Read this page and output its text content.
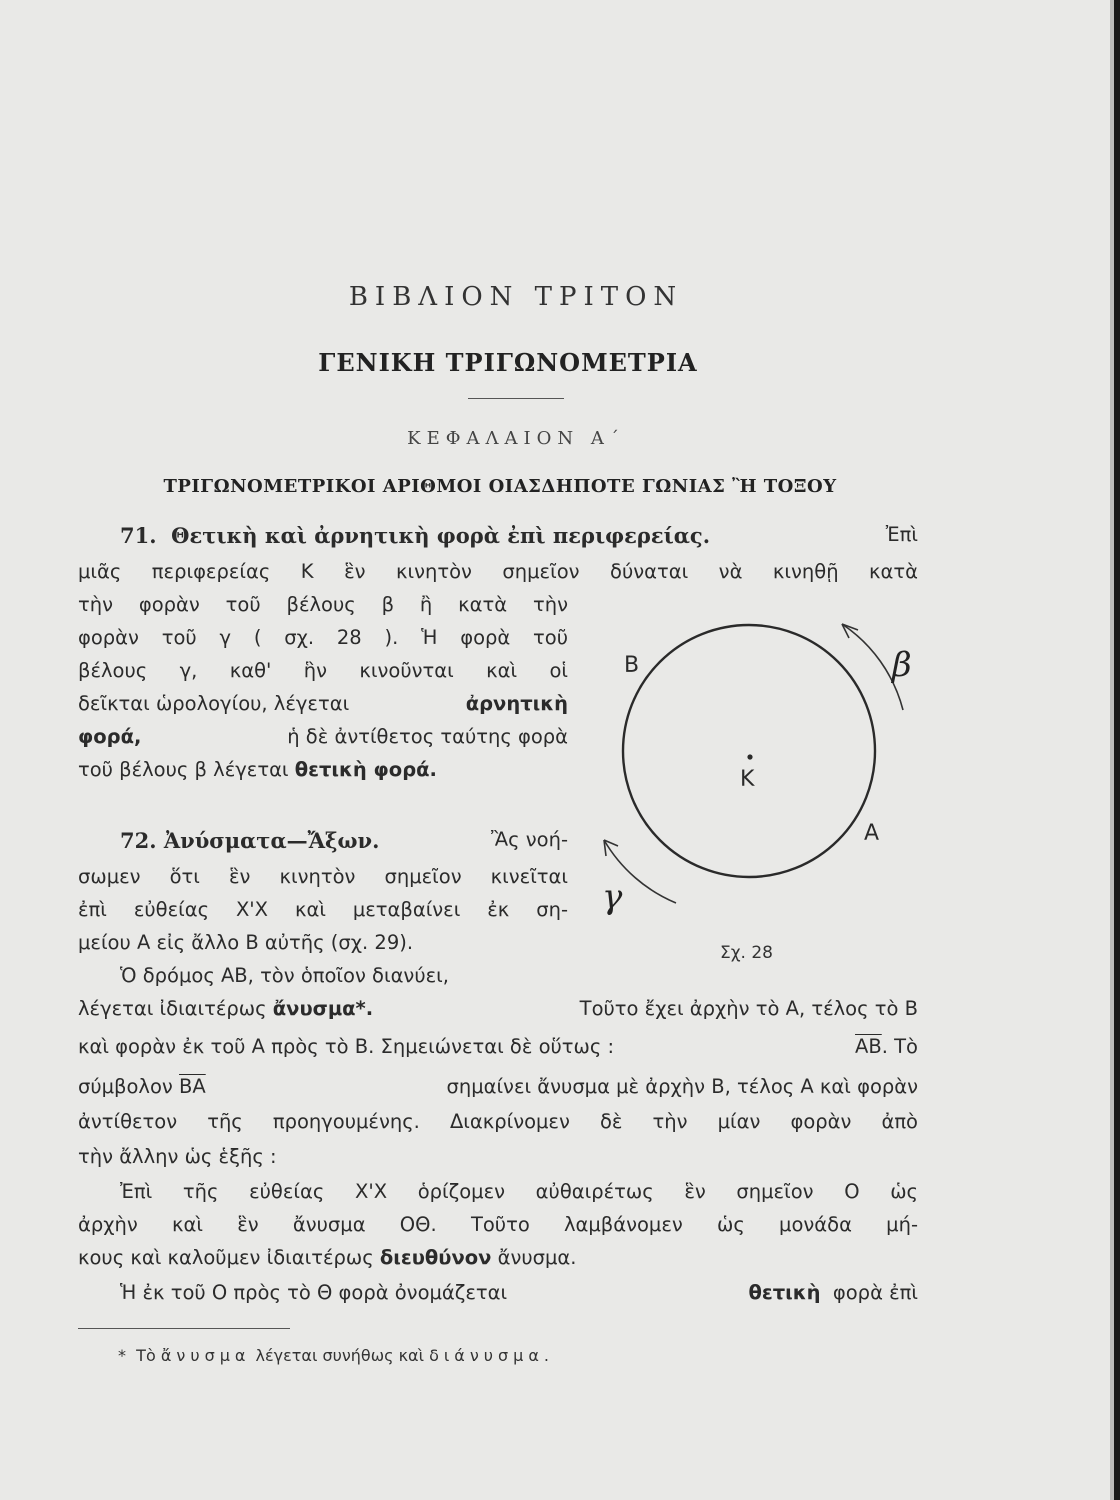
ΒΙΒΛΙΟΝ ΤΡΙΤΟΝ
ΓΕΝΙΚΗ ΤΡΙΓΩΝΟΜΕΤΡΙΑ
ΚΕΦΑΛΑΙΟΝ Α΄
ΤΡΙΓΩΝΟΜΕΤΡΙΚΟΙ ΑΡΙΘΜΟΙ ΟΙΑΣΔΗΠΟΤΕ ΓΩΝΙΑΣ Ἢ ΤΟΞΟΥ
71. Θετικὴ καὶ ἀρνητικὴ φορὰ ἐπὶ περιφερείας.	Ἐπὶ
μιᾶς περιφερείας Κ ἓν κινητὸν σημεῖον δύναται νὰ κινηθῇ κατὰ
τὴν φορὰν τοῦ βέλους β ἢ κατὰ τὴν
φορὰν τοῦ γ ( σχ. 28 ). Ἡ φορὰ τοῦ
βέλους γ, καθ' ἣν κινοῦνται καὶ οἱ
δεῖκται ὡρολογίου, λέγεται	ἀρνητικὴ
φορά,	ἡ δὲ ἀντίθετος ταύτης φορὰ
τοῦ βέλους β λέγεται θετικὴ φορά.
72. Ἀνύσματα—Ἄξων.	Ἂς νοή-
σωμεν ὅτι ἓν κινητὸν σημεῖον κινεῖται
ἐπὶ εὐθείας Χ'Χ καὶ μεταβαίνει ἐκ ση-
μείου Α εἰς ἄλλο Β αὐτῆς (σχ. 29).
Ὁ δρόμος ΑΒ, τὸν ὁποῖον διανύει,
λέγεται ἰδιαιτέρως ἄνυσμα*.	Τοῦτο ἔχει ἀρχὴν τὸ Α, τέλος τὸ Β
καὶ φορὰν ἐκ τοῦ Α πρὸς τὸ Β. Σημειώνεται δὲ οὕτως :	$\overline{AB}$. Τὸ
σύμβολον $\overline{BA}$	σημαίνει ἄνυσμα μὲ ἀρχὴν Β, τέλος Α καὶ φορὰν
ἀντίθετον τῆς προηγουμένης. Διακρίνομεν δὲ τὴν μίαν φορὰν ἀπὸ
τὴν ἄλλην ὡς ἑξῆς :
Ἐπὶ τῆς εὐθείας Χ'Χ ὁρίζομεν αὐθαιρέτως ἓν σημεῖον Ο ὡς
ἀρχὴν καὶ ἓν ἄνυσμα ΟΘ. Τοῦτο λαμβάνομεν ὡς μονάδα μή-
κους καὶ καλοῦμεν ἰδιαιτέρως διευθύνον ἄνυσμα.
Ἡ ἐκ τοῦ Ο πρὸς τὸ Θ φορὰ ὀνομάζεται	θετικὴ φορὰ ἐπὶ
Β
Κ
Α
β
γ
Σχ. 28
* Τὸ ἄνυσμα λέγεται συνήθως καὶ διάνυσμα.
